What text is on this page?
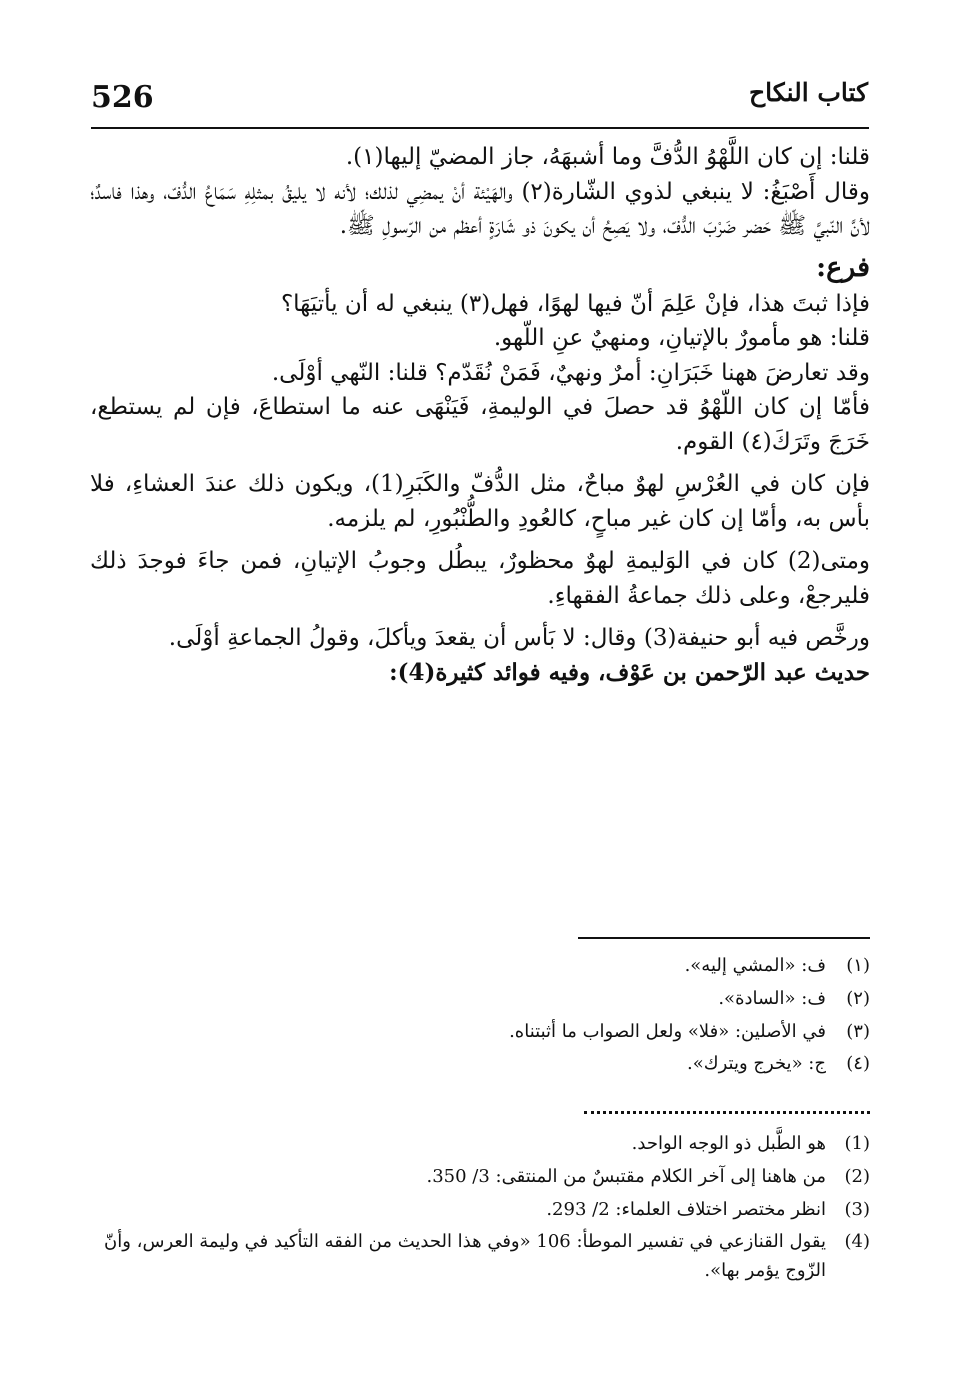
526	كتاب النكاح

قلنا: إن كان اللَّهْوُ الدُّفَّ وما أشبهَهُ، جاز المضيّ إليها(١).

وقال أَصْبَغُ: لا ينبغي لذوي الشّارة(٢) والهَيْئة أنْ يمضِي لذلك؛ لأنه لا يليقُ بمثلِهِ سَمَاعُ الدُّفّ، وهذا فاسدٌ؛ لأنَّ النّبيَّ ﷺ حَضر ضَرْبَ الدُّفّ، ولا يَصِحُ أن يكونَ ذو شَارَةٍ أعظم من الرّسولِ ﷺ.

فرع:

فإذا ثبتَ هذا، فإنْ عَلِمَ أنّ فيها لهوًا، فهل(٣) ينبغي له أن يأتيَهَا؟

قلنا: هو مأمورٌ بالإتيانِ، ومنهيٌ عنِ اللّهو.

وقد تعارضَ ههنا خَبَرَانِ: أمرٌ ونهيٌ، فَمَنْ نُقَدّم؟ قلنا: النّهي أوْلَى.

فأمّا إن كان اللّهْوُ قد حصلَ في الوليمةِ، فَيَنْهَى عنه ما استطاعَ، فإن لم يستطع، خَرَجَ وتَرَكَ(٤) القوم.

فإن كان في العُرْسِ لهوٌ مباحٌ، مثل الدُّفّ والكَبَرِ(1)، ويكون ذلك عندَ العشاءِ، فلا بأس به، وأمّا إن كان غير مباحٍ، كالعُودِ والطُّنْبُورِ، لم يلزمه.

ومتى(2) كان في الوَليمةِ لهوٌ محظورٌ، يبطُل وجوبُ الإتيانِ، فمن جاءَ فوجدَ ذلك فليرجعْ، وعلى ذلك جماعةُ الفقهاءِ.

ورخَّص فيه أبو حنيفة(3) وقال: لا بَأس أن يقعدَ ويأكلَ، وقولُ الجماعةِ أوْلَى.

حديث عبد الرّحمن بن عَوْف، وفيه فوائد كثيرة(4):

(١)
ف: «المشي إليه».

(٢)
ف: «السادة».

(٣)
في الأصلين: «فلا» ولعل الصواب ما أثبتناه.

(٤)
ج: «يخرج ويترك».

(1)
هو الطَّبل ذو الوجه الواحد.

(2)
من هاهنا إلى آخر الكلام مقتبسٌ من المنتقى: 3/ 350.

(3)
انظر مختصر اختلاف العلماء: 2/ 293.

(4)
يقول القنازعي في تفسير الموطأ: 106 «وفي هذا الحديث من الفقه التأكيد في وليمة العرس، وأنّ الزّوج يؤمر بها».
